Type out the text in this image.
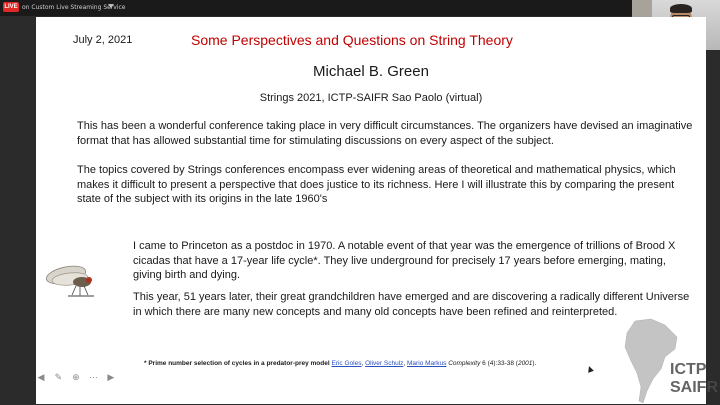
LIVE on Custom Live Streaming Service
July 2, 2021	Some Perspectives and Questions on String Theory
Michael B. Green
Strings 2021, ICTP-SAIFR Sao Paolo (virtual)
This has been a wonderful conference taking place in very difficult circumstances. The organizers have devised an imaginative format that has allowed substantial time for stimulating discussions on every aspect of the subject.
The topics covered by Strings conferences encompass ever widening areas of theoretical and mathematical physics, which makes it difficult to present a perspective that does justice to its richness. Here I will illustrate this by comparing the present state of the subject with its origins in the late 1960's
I came to Princeton as a postdoc in 1970. A notable event of that year was the emergence of trillions of Brood X cicadas that have a 17-year life cycle*. They live underground for precisely 17 years before emerging, mating, giving birth and dying.
This year, 51 years later, their great grandchildren have emerged and are discovering a radically different Universe in which there are many new concepts and many old concepts have been refined and reinterpreted.
* Prime number selection of cycles in a predator-prey model Eric Goles, Oliver Schulz, Mario Markus Complexity 6 (4):33-38 (2001).
◀ ✎ ⊕ ⋯ ▶	ICTP
SAIFR
